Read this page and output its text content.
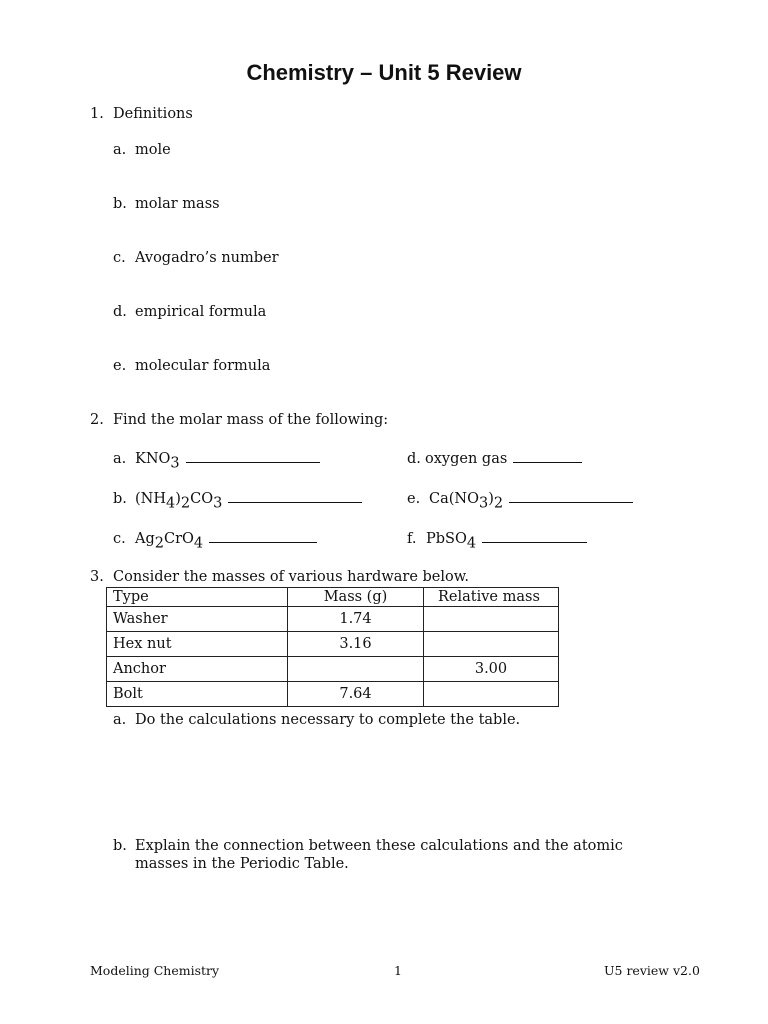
Chemistry – Unit 5 Review
1. Definitions
a. mole
b. molar mass
c. Avogadro’s number
d. empirical formula
e. molecular formula
2. Find the molar mass of the following:
a. $KNO_3$
b. $(NH_4)_2CO_3$
c. $Ag_2CrO_4$
d. oxygen gas
e. $Ca(NO_3)_2$
f. PbSO$_4$
3. Consider the masses of various hardware below.
Type	Mass (g)	Relative mass
Washer	1.74	
Hex nut	3.16	
Anchor		3.00
Bolt	7.64	
a. Do the calculations necessary to complete the table.
b. Explain the connection between these calculations and the atomic
masses in the Periodic Table.
Modeling Chemistry	1	U5 review v2.0
